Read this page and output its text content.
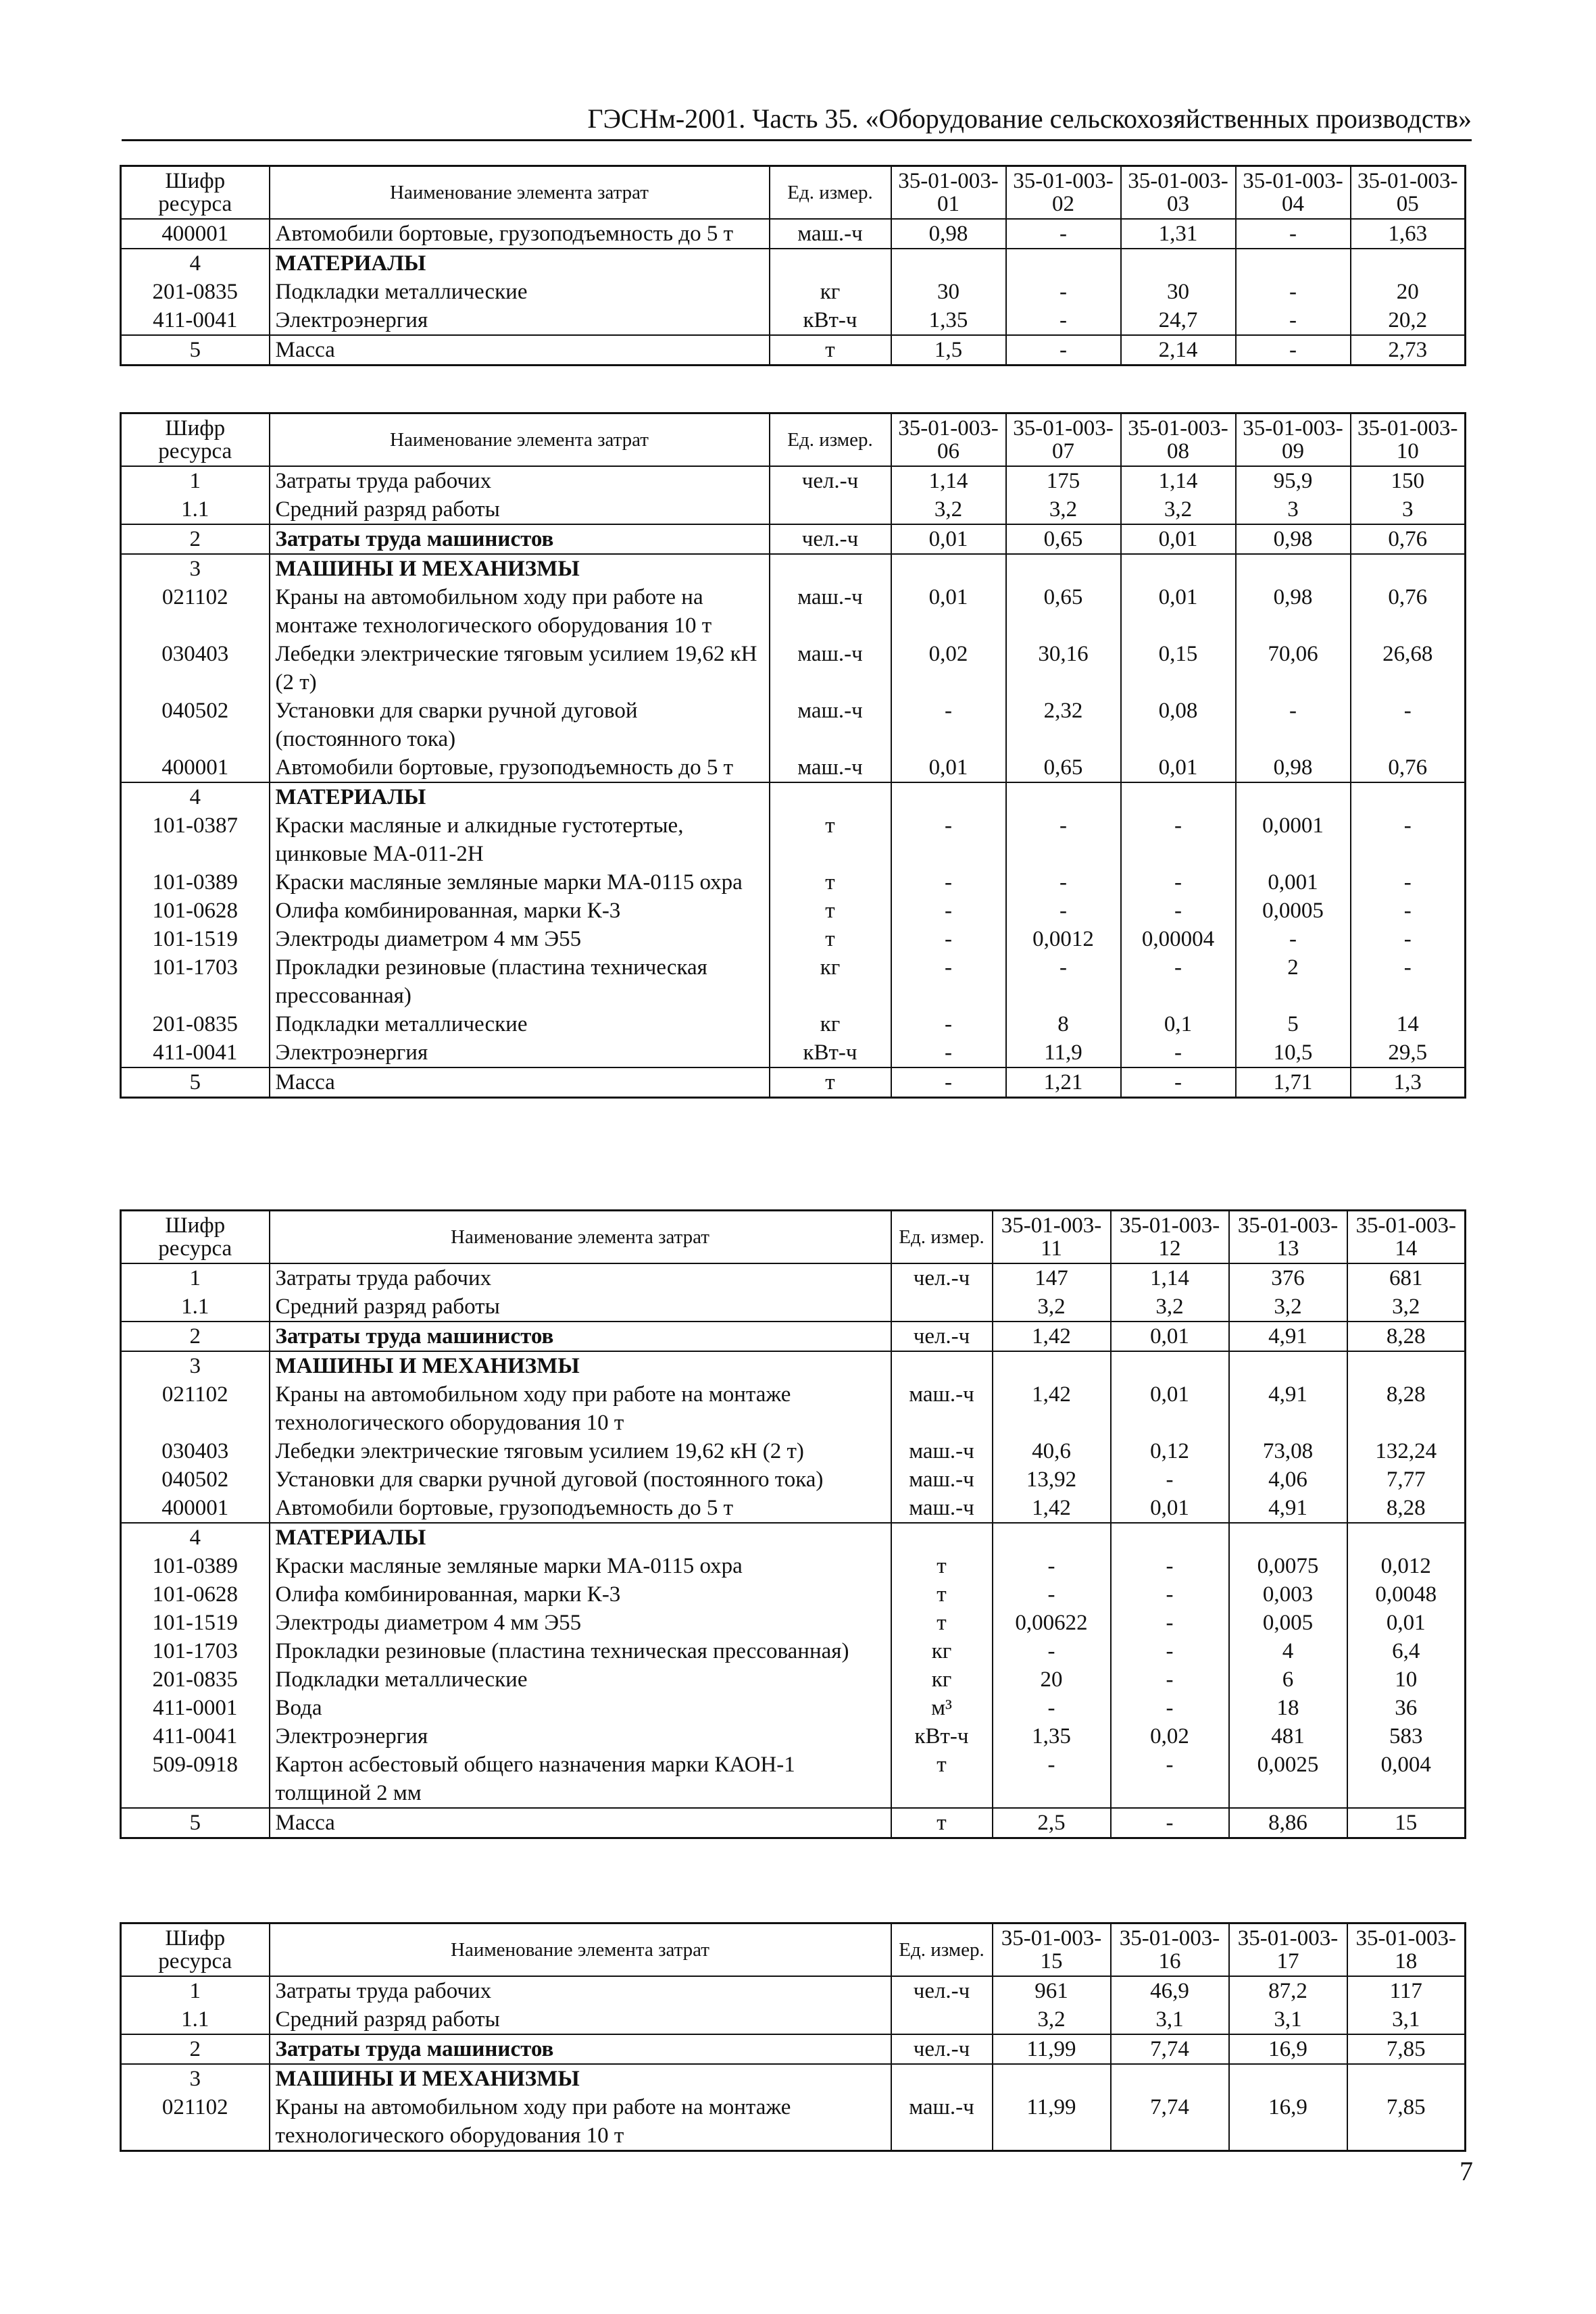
ГЭСНм-2001. Часть 35. «Оборудование сельскохозяйственных производств»
Шифр ресурса	Наименование элемента затрат	Ед. измер.	35-01-003-01	35-01-003-02	35-01-003-03	35-01-003-04	35-01-003-05
400001	Автомобили бортовые, грузоподъемность до 5 т	маш.-ч	0,98	-	1,31	-	1,63
4	МАТЕРИАЛЫ						
201-0835	Подкладки металлические	кг	30	-	30	-	20
411-0041	Электроэнергия	кВт-ч	1,35	-	24,7	-	20,2
5	Масса	т	1,5	-	2,14	-	2,73
Шифр ресурса	Наименование элемента затрат	Ед. измер.	35-01-003-06	35-01-003-07	35-01-003-08	35-01-003-09	35-01-003-10
1	Затраты труда рабочих	чел.-ч	1,14	175	1,14	95,9	150
1.1	Средний разряд работы		3,2	3,2	3,2	3	3
2	Затраты труда машинистов	чел.-ч	0,01	0,65	0,01	0,98	0,76
3	МАШИНЫ И МЕХАНИЗМЫ						
021102	Краны на автомобильном ходу при работе на монтаже технологического оборудования 10 т	маш.-ч	0,01	0,65	0,01	0,98	0,76
030403	Лебедки электрические тяговым усилием 19,62 кН (2 т)	маш.-ч	0,02	30,16	0,15	70,06	26,68
040502	Установки для сварки ручной дуговой (постоянного тока)	маш.-ч	-	2,32	0,08	-	-
400001	Автомобили бортовые, грузоподъемность до 5 т	маш.-ч	0,01	0,65	0,01	0,98	0,76
4	МАТЕРИАЛЫ						
101-0387	Краски масляные и алкидные густотертые, цинковые МА-011-2Н	т	-	-	-	0,0001	-
101-0389	Краски масляные земляные марки МА-0115 охра	т	-	-	-	0,001	-
101-0628	Олифа комбинированная, марки К-3	т	-	-	-	0,0005	-
101-1519	Электроды диаметром 4 мм Э55	т	-	0,0012	0,00004	-	-
101-1703	Прокладки резиновые (пластина техническая прессованная)	кг	-	-	-	2	-
201-0835	Подкладки металлические	кг	-	8	0,1	5	14
411-0041	Электроэнергия	кВт-ч	-	11,9	-	10,5	29,5
5	Масса	т	-	1,21	-	1,71	1,3
Шифр ресурса	Наименование элемента затрат	Ед. измер.	35-01-003-11	35-01-003-12	35-01-003-13	35-01-003-14
1	Затраты труда рабочих	чел.-ч	147	1,14	376	681
1.1	Средний разряд работы		3,2	3,2	3,2	3,2
2	Затраты труда машинистов	чел.-ч	1,42	0,01	4,91	8,28
3	МАШИНЫ И МЕХАНИЗМЫ					
021102	Краны на автомобильном ходу при работе на монтаже технологического оборудования 10 т	маш.-ч	1,42	0,01	4,91	8,28
030403	Лебедки электрические тяговым усилием 19,62 кН (2 т)	маш.-ч	40,6	0,12	73,08	132,24
040502	Установки для сварки ручной дуговой (постоянного тока)	маш.-ч	13,92	-	4,06	7,77
400001	Автомобили бортовые, грузоподъемность до 5 т	маш.-ч	1,42	0,01	4,91	8,28
4	МАТЕРИАЛЫ					
101-0389	Краски масляные земляные марки МА-0115 охра	т	-	-	0,0075	0,012
101-0628	Олифа комбинированная, марки К-3	т	-	-	0,003	0,0048
101-1519	Электроды диаметром 4 мм Э55	т	0,00622	-	0,005	0,01
101-1703	Прокладки резиновые (пластина техническая прессованная)	кг	-	-	4	6,4
201-0835	Подкладки металлические	кг	20	-	6	10
411-0001	Вода	м³	-	-	18	36
411-0041	Электроэнергия	кВт-ч	1,35	0,02	481	583
509-0918	Картон асбестовый общего назначения марки КАОН-1 толщиной 2 мм	т	-	-	0,0025	0,004
5	Масса	т	2,5	-	8,86	15
Шифр ресурса	Наименование элемента затрат	Ед. измер.	35-01-003-15	35-01-003-16	35-01-003-17	35-01-003-18
1	Затраты труда рабочих	чел.-ч	961	46,9	87,2	117
1.1	Средний разряд работы		3,2	3,1	3,1	3,1
2	Затраты труда машинистов	чел.-ч	11,99	7,74	16,9	7,85
3	МАШИНЫ И МЕХАНИЗМЫ					
021102	Краны на автомобильном ходу при работе на монтаже технологического оборудования 10 т	маш.-ч	11,99	7,74	16,9	7,85
7
